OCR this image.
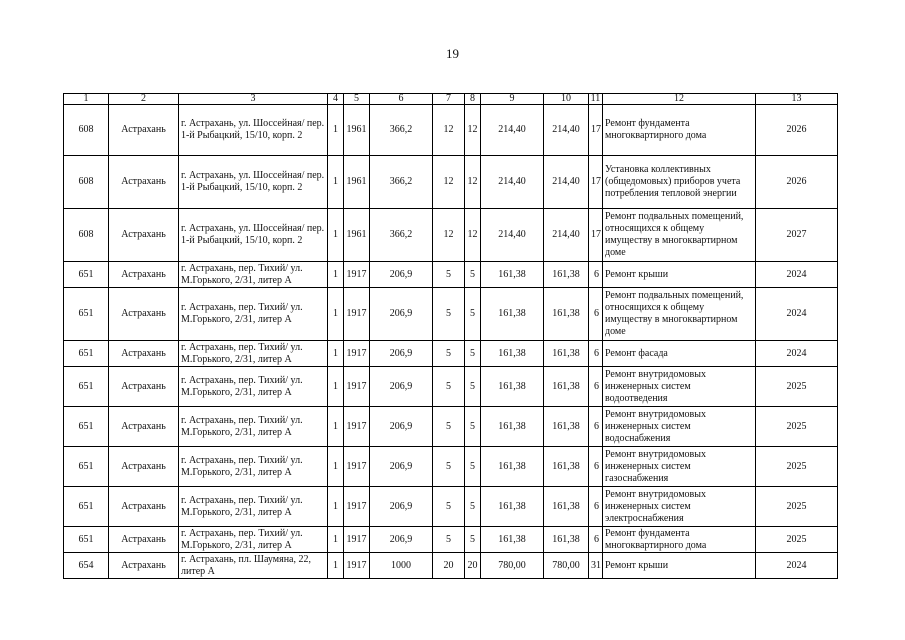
19
1	2	3	4	5	6	7	8	9	10	11	12	13
608	Астрахань	г. Астрахань, ул. Шоссейная/ пер. 1-й Рыбацкий, 15/10, корп. 2	1	1961	366,2	12	12	214,40	214,40	17	Ремонт фундамента многоквартирного дома	2026
608	Астрахань	г. Астрахань, ул. Шоссейная/ пер. 1-й Рыбацкий, 15/10, корп. 2	1	1961	366,2	12	12	214,40	214,40	17	Установка коллективных (общедомовых) приборов учета потребления тепловой энергии	2026
608	Астрахань	г. Астрахань, ул. Шоссейная/ пер. 1-й Рыбацкий, 15/10, корп. 2	1	1961	366,2	12	12	214,40	214,40	17	Ремонт подвальных помещений, относящихся к общему имуществу в многоквартирном доме	2027
651	Астрахань	г. Астрахань, пер. Тихий/ ул. М.Горького, 2/31, литер А	1	1917	206,9	5	5	161,38	161,38	6	Ремонт крыши	2024
651	Астрахань	г. Астрахань, пер. Тихий/ ул. М.Горького, 2/31, литер А	1	1917	206,9	5	5	161,38	161,38	6	Ремонт подвальных помещений, относящихся к общему имуществу в многоквартирном доме	2024
651	Астрахань	г. Астрахань, пер. Тихий/ ул. М.Горького, 2/31, литер А	1	1917	206,9	5	5	161,38	161,38	6	Ремонт фасада	2024
651	Астрахань	г. Астрахань, пер. Тихий/ ул. М.Горького, 2/31, литер А	1	1917	206,9	5	5	161,38	161,38	6	Ремонт внутридомовых инженерных систем водоотведения	2025
651	Астрахань	г. Астрахань, пер. Тихий/ ул. М.Горького, 2/31, литер А	1	1917	206,9	5	5	161,38	161,38	6	Ремонт внутридомовых инженерных систем водоснабжения	2025
651	Астрахань	г. Астрахань, пер. Тихий/ ул. М.Горького, 2/31, литер А	1	1917	206,9	5	5	161,38	161,38	6	Ремонт внутридомовых инженерных систем газоснабжения	2025
651	Астрахань	г. Астрахань, пер. Тихий/ ул. М.Горького, 2/31, литер А	1	1917	206,9	5	5	161,38	161,38	6	Ремонт внутридомовых инженерных систем электроснабжения	2025
651	Астрахань	г. Астрахань, пер. Тихий/ ул. М.Горького, 2/31, литер А	1	1917	206,9	5	5	161,38	161,38	6	Ремонт фундамента многоквартирного дома	2025
654	Астрахань	г. Астрахань, пл. Шаумяна, 22, литер А	1	1917	1000	20	20	780,00	780,00	31	Ремонт крыши	2024
